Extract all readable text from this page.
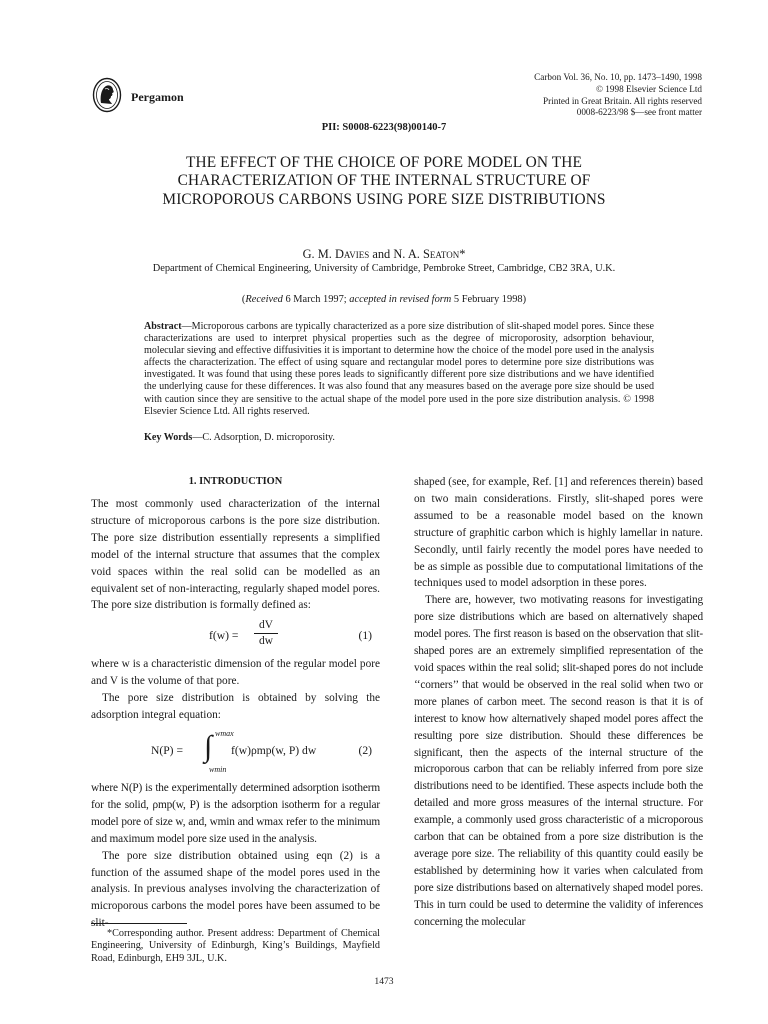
Pergamon
Carbon Vol. 36, No. 10, pp. 1473–1490, 1998
© 1998 Elsevier Science Ltd
Printed in Great Britain. All rights reserved
0008-6223/98 $—see front matter
PII: S0008-6223(98)00140-7
THE EFFECT OF THE CHOICE OF PORE MODEL ON THE CHARACTERIZATION OF THE INTERNAL STRUCTURE OF MICROPOROUS CARBONS USING PORE SIZE DISTRIBUTIONS
G. M. Davies and N. A. Seaton*
Department of Chemical Engineering, University of Cambridge, Pembroke Street, Cambridge, CB2 3RA, U.K.
(Received 6 March 1997; accepted in revised form 5 February 1998)
Abstract—Microporous carbons are typically characterized as a pore size distribution of slit-shaped model pores. Since these characterizations are used to interpret physical properties such as the degree of microporosity, adsorption behaviour, molecular sieving and effective diffusivities it is important to determine how the choice of the model pore used in the analysis affects the characterization. The effect of using square and rectangular model pores to determine pore size distributions was investigated. It was found that using these pores leads to significantly different pore size distributions and we have identified the underlying cause for these differences. It was also found that any measures based on the average pore size should be used with caution since they are sensitive to the actual shape of the model pore used in the pore size distribution analysis. © 1998 Elsevier Science Ltd. All rights reserved.
Key Words—C. Adsorption, D. microporosity.
1. INTRODUCTION

The most commonly used characterization of the internal structure of microporous carbons is the pore size distribution. The pore size distribution essentially represents a simplified model of the internal structure that assumes that the complex void spaces within the real solid can be modelled as an equivalent set of non-interacting, regularly shaped model pores. The pore size distribution is formally defined as:

$f(w) = \frac{dV}{dw}$	(1)

where w is a characteristic dimension of the regular model pore and V is the volume of that pore.

The pore size distribution is obtained by solving the adsorption integral equation:

N(P) = ∫ wmax
wmin
f(w)ρmp(w, P) dw	(2)

where N(P) is the experimentally determined adsorption isotherm for the solid, ρmp(w, P) is the adsorption isotherm for a regular model pore of size w, and, wmin and wmax refer to the minimum and maximum model pore size used in the analysis.

The pore size distribution obtained using eqn (2) is a function of the assumed shape of the model pores used in the analysis. In previous analyses involving the characterization of microporous carbons the model pores have been assumed to be slit-

shaped (see, for example, Ref. [1] and references therein) based on two main considerations. Firstly, slit-shaped pores were assumed to be a reasonable model based on the known structure of graphitic carbon which is highly lamellar in nature. Secondly, until fairly recently the model pores have needed to be as simple as possible due to computational limitations of the techniques used to model adsorption in these pores.

There are, however, two motivating reasons for investigating pore size distributions which are based on alternatively shaped model pores. The first reason is based on the observation that slit-shaped pores are an extremely simplified representation of the void spaces within the real solid; slit-shaped pores do not include ‘‘corners’’ that would be observed in the real solid when two or more planes of carbon meet. The second reason is that it is of interest to know how alternatively shaped model pores affect the resulting pore size distribution. Should these differences be significant, then the aspects of the internal structure of the microporous carbon that can be reliably inferred from pore size distributions need to be identified. These aspects include both the detailed and more gross measures of the internal structure. For example, a commonly used gross characteristic of a microporous carbon that can be obtained from a pore size distribution is the average pore size. The reliability of this quantity could easily be established by determining how it varies when calculated from pore size distributions based on alternatively shaped model pores. This in turn could be used to determine the validity of inferences concerning the molecular

*Corresponding author. Present address: Department of Chemical Engineering, University of Edinburgh, King’s Buildings, Mayfield Road, Edinburgh, EH9 3JL, U.K.
1473
